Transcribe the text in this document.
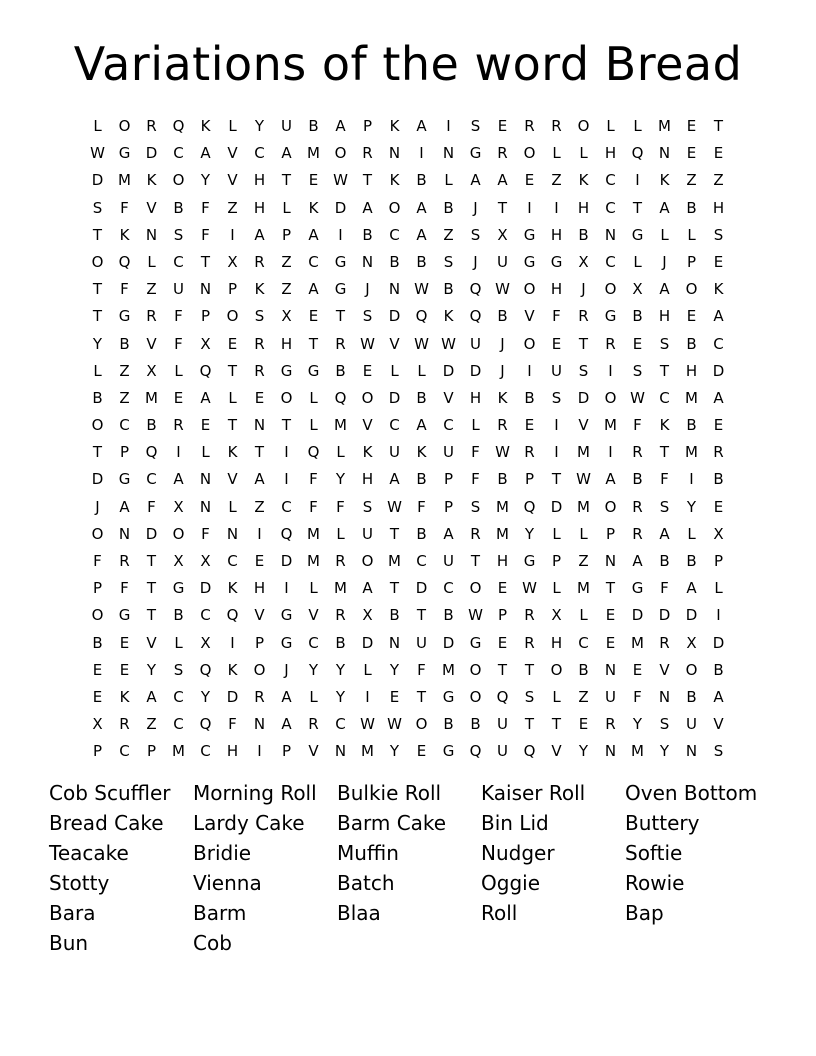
Variations of the word Bread
L	O	R	Q	K	L	Y	U	B	A	P	K	A	I	S	E	R	R	O	L	L	M	E	T
W G	D	C	A	V	C	A	M O	R	N	I	N	G	R	O	L	L	H	Q	N	E	E
D M	K	O	Y	V	H	T	E W T	K	B	L	A	A	E	Z	K	C	I	K	Z	Z
S	F	V	B	F	Z	H	L	K	D	A	O	A	B	J	T	I	I	H	C	T	A	B	H
T	K	N	S	F	I	A	P	A	I	B	C	A	Z	S	X	G	H	B	N	G	L	L	S
O	Q	L	C	T	X	R	Z	C	G	N	B	B	S	J	U	G	G	X	C	L	J	P	E
T	F	Z	U	N	P	K	Z	A	G	J	N W B	Q W O	H	J	O	X	A	O	K
T	G	R	F	P	O	S	X	E	T	S	D	Q	K	Q	B	V	F	R	G	B	H	E	A
Y	B	V	F	X	E	R	H	T	R W V W W U	J	O	E	T	R	E	S	B	C
L	Z	X	L	Q	T	R	G	G	B	E	L	L	D	D	J	I	U	S	I	S	T	H	D
B	Z	M	E	A	L	E	O	L	Q	O	D	B	V	H	K	B	S	D	O W C	M	A
O	C	B	R	E	T	N	T	L	M	V	C	A	C	L	R	E	I	V	M	F	K	B	E
T	P	Q	I	L	K	T	I	Q	L	K	U	K	U	F	W R	I	M	I	R	T	M	R
D	G	C	A	N	V	A	I	F	Y	H	A	B	P	F	B	P	T	W A	B	F	I	B
J	A	F	X	N	L	Z	C	F	F	S W	F	P	S	M Q	D M O	R	S	Y	E
O	N	D	O	F	N	I	Q M	L	U	T	B	A	R	M	Y	L	L	P	R	A	L	X
F	R	T	X	X	C	E	D M	R	O M	C	U	T	H	G	P	Z	N	A	B	B	P
P	F	T	G	D	K	H	I	L	M	A	T	D	C	O	E W	L	M	T	G	F	A	L
O	G	T	B	C	Q	V	G	V	R	X	B	T	B W	P	R	X	L	E	D	D	D	I
B	E	V	L	X	I	P	G	C	B	D	N	U	D	G	E	R	H	C	E	M	R	X	D
E	E	Y	S	Q	K	O	J	Y	Y	L	Y	F	M O	T	T	O	B	N	E	V	O	B
E	K	A	C	Y	D	R	A	L	Y	I	E	T	G	O	Q	S	L	Z	U	F	N	B	A
X	R	Z	C	Q	F	N	A	R	C W W O	B	B	U	T	T	E	R	Y	S	U	V
P	C	P	M	C	H	I	P	V	N M	Y	E	G	Q	U	Q	V	Y	N M	Y	N	S
Cob Scuffler	Morning Roll	Bulkie Roll	Kaiser Roll	Oven Bottom
Bread Cake	Lardy Cake	Barm Cake	Bin Lid	Buttery
Teacake	Bridie	Muffin	Nudger	Softie
Stotty	Vienna	Batch	Oggie	Rowie
Bara	Barm	Blaa	Roll	Bap
Bun	Cob
